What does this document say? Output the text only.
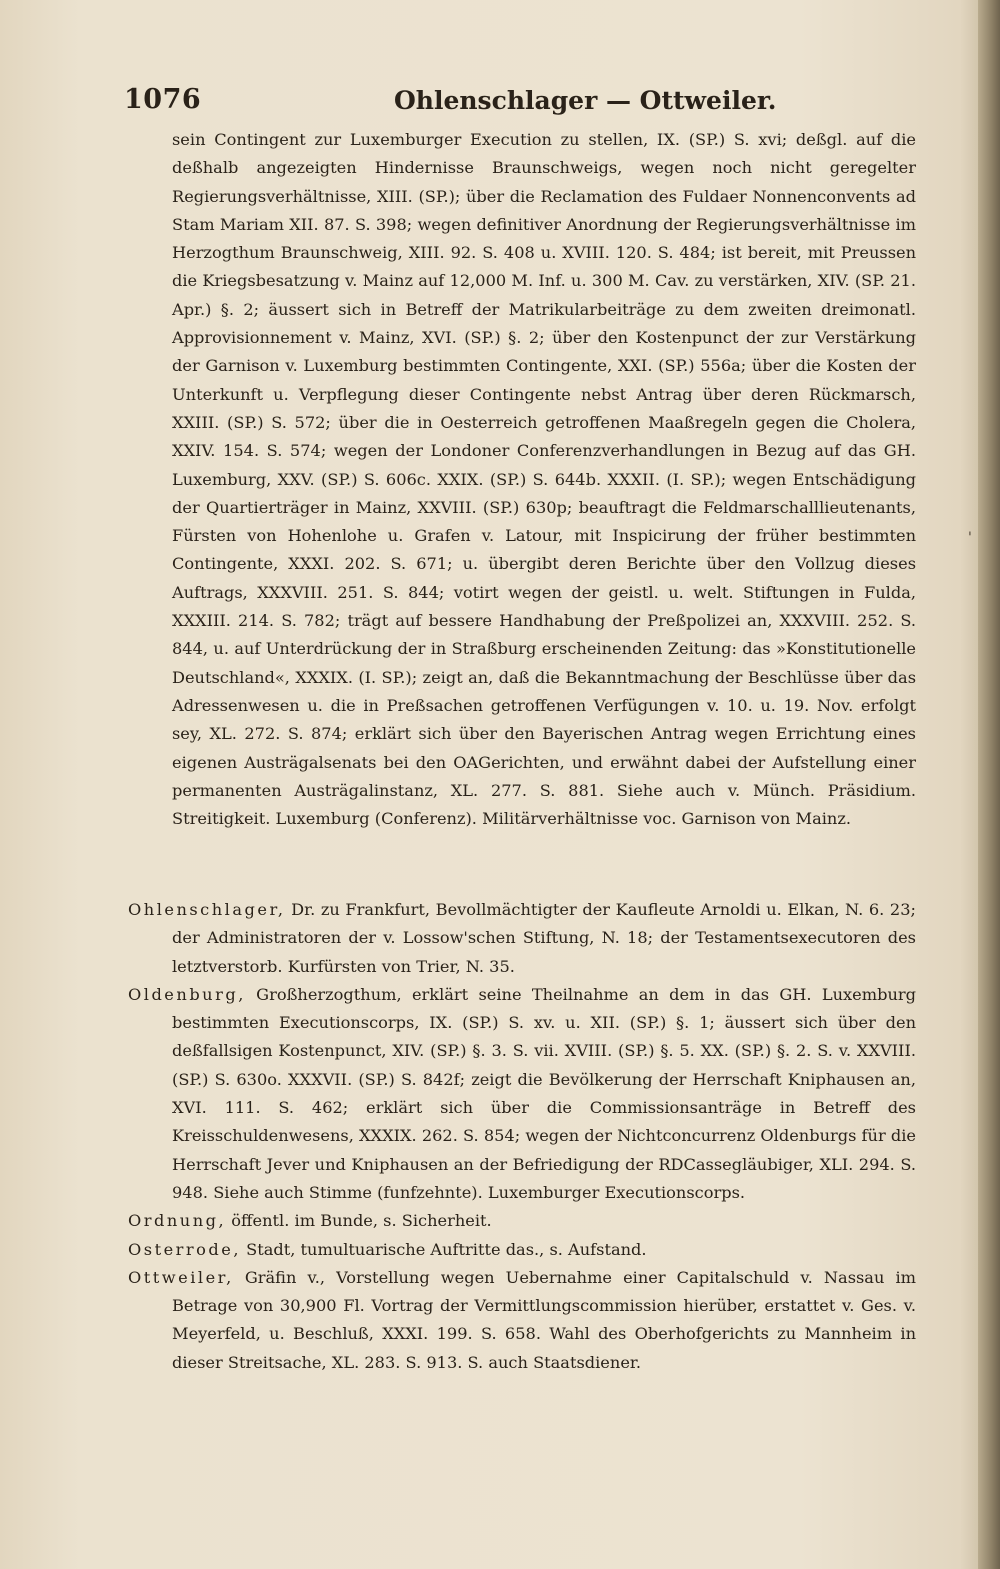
1076	Ohlenschlager — Ottweiler.

sein Contingent zur Luxemburger Execution zu stellen, IX. (SP.) S. xvi; deßgl. auf die deßhalb angezeigten Hindernisse Braunschweigs, wegen noch nicht geregelter Regierungsverhältnisse, XIII. (SP.); über die Reclamation des Fuldaer Nonnenconvents ad Stam Mariam XII. 87. S. 398; wegen definitiver Anordnung der Regierungsverhältnisse im Herzogthum Braunschweig, XIII. 92. S. 408 u. XVIII. 120. S. 484; ist bereit, mit Preussen die Kriegsbesatzung v. Mainz auf 12,000 M. Inf. u. 300 M. Cav. zu verstärken, XIV. (SP. 21. Apr.) §. 2; äussert sich in Betreff der Matrikularbeiträge zu dem zweiten dreimonatl. Approvisionnement v. Mainz, XVI. (SP.) §. 2; über den Kostenpunct der zur Verstärkung der Garnison v. Luxemburg bestimmten Contingente, XXI. (SP.) 556a; über die Kosten der Unterkunft u. Verpflegung dieser Contingente nebst Antrag über deren Rückmarsch, XXIII. (SP.) S. 572; über die in Oesterreich getroffenen Maaßregeln gegen die Cholera, XXIV. 154. S. 574; wegen der Londoner Conferenzverhandlungen in Bezug auf das GH. Luxemburg, XXV. (SP.) S. 606c. XXIX. (SP.) S. 644b. XXXII. (I. SP.); wegen Entschädigung der Quartierträger in Mainz, XXVIII. (SP.) 630p; beauftragt die Feldmarschalllieutenants, Fürsten von Hohenlohe u. Grafen v. Latour, mit Inspicirung der früher bestimmten Contingente, XXXI. 202. S. 671; u. übergibt deren Berichte über den Vollzug dieses Auftrags, XXXVIII. 251. S. 844; votirt wegen der geistl. u. welt. Stiftungen in Fulda, XXXIII. 214. S. 782; trägt auf bessere Handhabung der Preßpolizei an, XXXVIII. 252. S. 844, u. auf Unterdrückung der in Straßburg erscheinenden Zeitung: das »Konstitutionelle Deutschland«, XXXIX. (I. SP.); zeigt an, daß die Bekanntmachung der Beschlüsse über das Adressenwesen u. die in Preßsachen getroffenen Verfügungen v. 10. u. 19. Nov. erfolgt sey, XL. 272. S. 874; erklärt sich über den Bayerischen Antrag wegen Errichtung eines eigenen Austrägalsenats bei den OAGerichten, und erwähnt dabei der Aufstellung einer permanenten Austrägalinstanz, XL. 277. S. 881. Siehe auch v. Münch. Präsidium. Streitigkeit. Luxemburg (Conferenz). Militärverhältnisse voc. Garnison von Mainz.

Ohlenschlager, Dr. zu Frankfurt, Bevollmächtigter der Kaufleute Arnoldi u. Elkan, N. 6. 23; der Administratoren der v. Lossow'schen Stiftung, N. 18; der Testamentsexecutoren des letztverstorb. Kurfürsten von Trier, N. 35.

Oldenburg, Großherzogthum, erklärt seine Theilnahme an dem in das GH. Luxemburg bestimmten Executionscorps, IX. (SP.) S. xv. u. XII. (SP.) §. 1; äussert sich über den deßfallsigen Kostenpunct, XIV. (SP.) §. 3. S. vii. XVIII. (SP.) §. 5. XX. (SP.) §. 2. S. v. XXVIII. (SP.) S. 630o. XXXVII. (SP.) S. 842f; zeigt die Bevölkerung der Herrschaft Kniphausen an, XVI. 111. S. 462; erklärt sich über die Commissionsanträge in Betreff des Kreisschuldenwesens, XXXIX. 262. S. 854; wegen der Nichtconcurrenz Oldenburgs für die Herrschaft Jever und Kniphausen an der Befriedigung der RDCassegläubiger, XLI. 294. S. 948. Siehe auch Stimme (funfzehnte). Luxemburger Executionscorps.

Ordnung, öffentl. im Bunde, s. Sicherheit.

Osterrode, Stadt, tumultuarische Auftritte das., s. Aufstand.

Ottweiler, Gräfin v., Vorstellung wegen Uebernahme einer Capitalschuld v. Nassau im Betrage von 30,900 Fl. Vortrag der Vermittlungscommission hierüber, erstattet v. Ges. v. Meyerfeld, u. Beschluß, XXXI. 199. S. 658. Wahl des Oberhofgerichts zu Mannheim in dieser Streitsache, XL. 283. S. 913. S. auch Staatsdiener.

'
